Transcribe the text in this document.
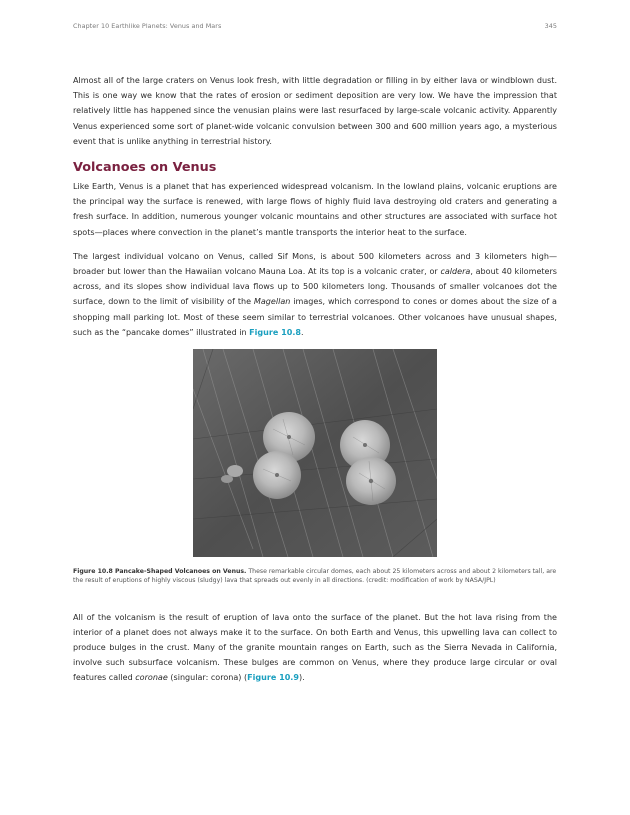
Chapter 10 Earthlike Planets: Venus and Mars	345

Almost all of the large craters on Venus look fresh, with little degradation or filling in by either lava or windblown dust. This is one way we know that the rates of erosion or sediment deposition are very low. We have the impression that relatively little has happened since the venusian plains were last resurfaced by large-scale volcanic activity. Apparently Venus experienced some sort of planet-wide volcanic convulsion between 300 and 600 million years ago, a mysterious event that is unlike anything in terrestrial history.

Volcanoes on Venus

Like Earth, Venus is a planet that has experienced widespread volcanism. In the lowland plains, volcanic eruptions are the principal way the surface is renewed, with large flows of highly fluid lava destroying old craters and generating a fresh surface. In addition, numerous younger volcanic mountains and other structures are associated with surface hot spots—places where convection in the planet’s mantle transports the interior heat to the surface.

The largest individual volcano on Venus, called Sif Mons, is about 500 kilometers across and 3 kilometers high—broader but lower than the Hawaiian volcano Mauna Loa. At its top is a volcanic crater, or caldera, about 40 kilometers across, and its slopes show individual lava flows up to 500 kilometers long. Thousands of smaller volcanoes dot the surface, down to the limit of visibility of the Magellan images, which correspond to cones or domes about the size of a shopping mall parking lot. Most of these seem similar to terrestrial volcanoes. Other volcanoes have unusual shapes, such as the “pancake domes” illustrated in Figure 10.8.

Figure 10.8 Pancake-Shaped Volcanoes on Venus. These remarkable circular domes, each about 25 kilometers across and about 2 kilometers tall, are the result of eruptions of highly viscous (sludgy) lava that spreads out evenly in all directions. (credit: modification of work by NASA/JPL)

All of the volcanism is the result of eruption of lava onto the surface of the planet. But the hot lava rising from the interior of a planet does not always make it to the surface. On both Earth and Venus, this upwelling lava can collect to produce bulges in the crust. Many of the granite mountain ranges on Earth, such as the Sierra Nevada in California, involve such subsurface volcanism. These bulges are common on Venus, where they produce large circular or oval features called coronae (singular: corona) (Figure 10.9).
